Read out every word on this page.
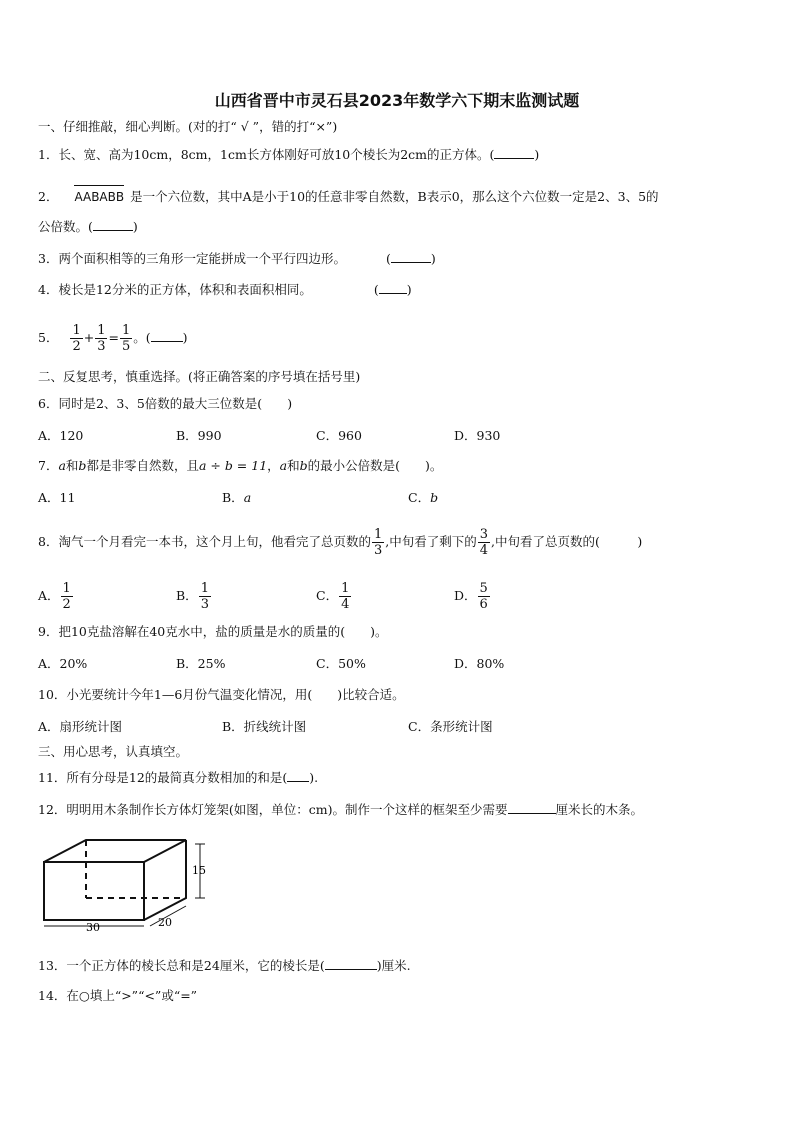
山西省晋中市灵石县2023年数学六下期末监测试题
一、仔细推敲，细心判断。(对的打“ √ ”，错的打“×”)
1．长、宽、高为10cm，8cm，1cm长方体刚好可放10个棱长为2cm的正方体。(	)
2． AABABB 是一个六位数，其中A是小于10的任意非零自然数，B表示0，那么这个六位数一定是2、3、5的
公倍数。(	)
3．两个面积相等的三角形一定能拼成一个平行四边形。	(	)
4．棱长是12分米的正方体，体积和表面积相同。	( )
5． $\frac{1}{2} + \frac{1}{3} = \frac{1}{5}$ 。(	)
二、反复思考，慎重选择。(将正确答案的序号填在括号里)
6．同时是2、3、5倍数的最大三位数是(　　)
A．120	B．990	C．960	D．930
7．a和b都是非零自然数，且a ÷ b = 11，a和b的最小公倍数是(　　)。
A．11	B．a	C．b
8．淘气一个月看完一本书，这个月上旬，他看完了总页数的 $\frac{1}{3}$ ,中旬看了剩下的 $\frac{3}{4}$ ,中旬看了总页数的(　　　)
A． $\frac{1}{2}$	B． $\frac{1}{3}$	C． $\frac{1}{4}$	D． $\frac{5}{6}$
9．把10克盐溶解在40克水中，盐的质量是水的质量的(　　)。
A．20%	B．25%	C．50%	D．80%
10．小光要统计今年1—6月份气温变化情况，用(　　)比较合适。
A．扇形统计图	B．折线统计图	C．条形统计图
三、用心思考，认真填空。
11．所有分母是12的最简真分数相加的和是( ).
12．明明用木条制作长方体灯笼架(如图，单位：cm)。制作一个这样的框架至少需要	厘米长的木条。
15
30	20
13．一个正方体的棱长总和是24厘米，它的棱长是(	)厘米.
14．在○填上“>”“<”或“=”
